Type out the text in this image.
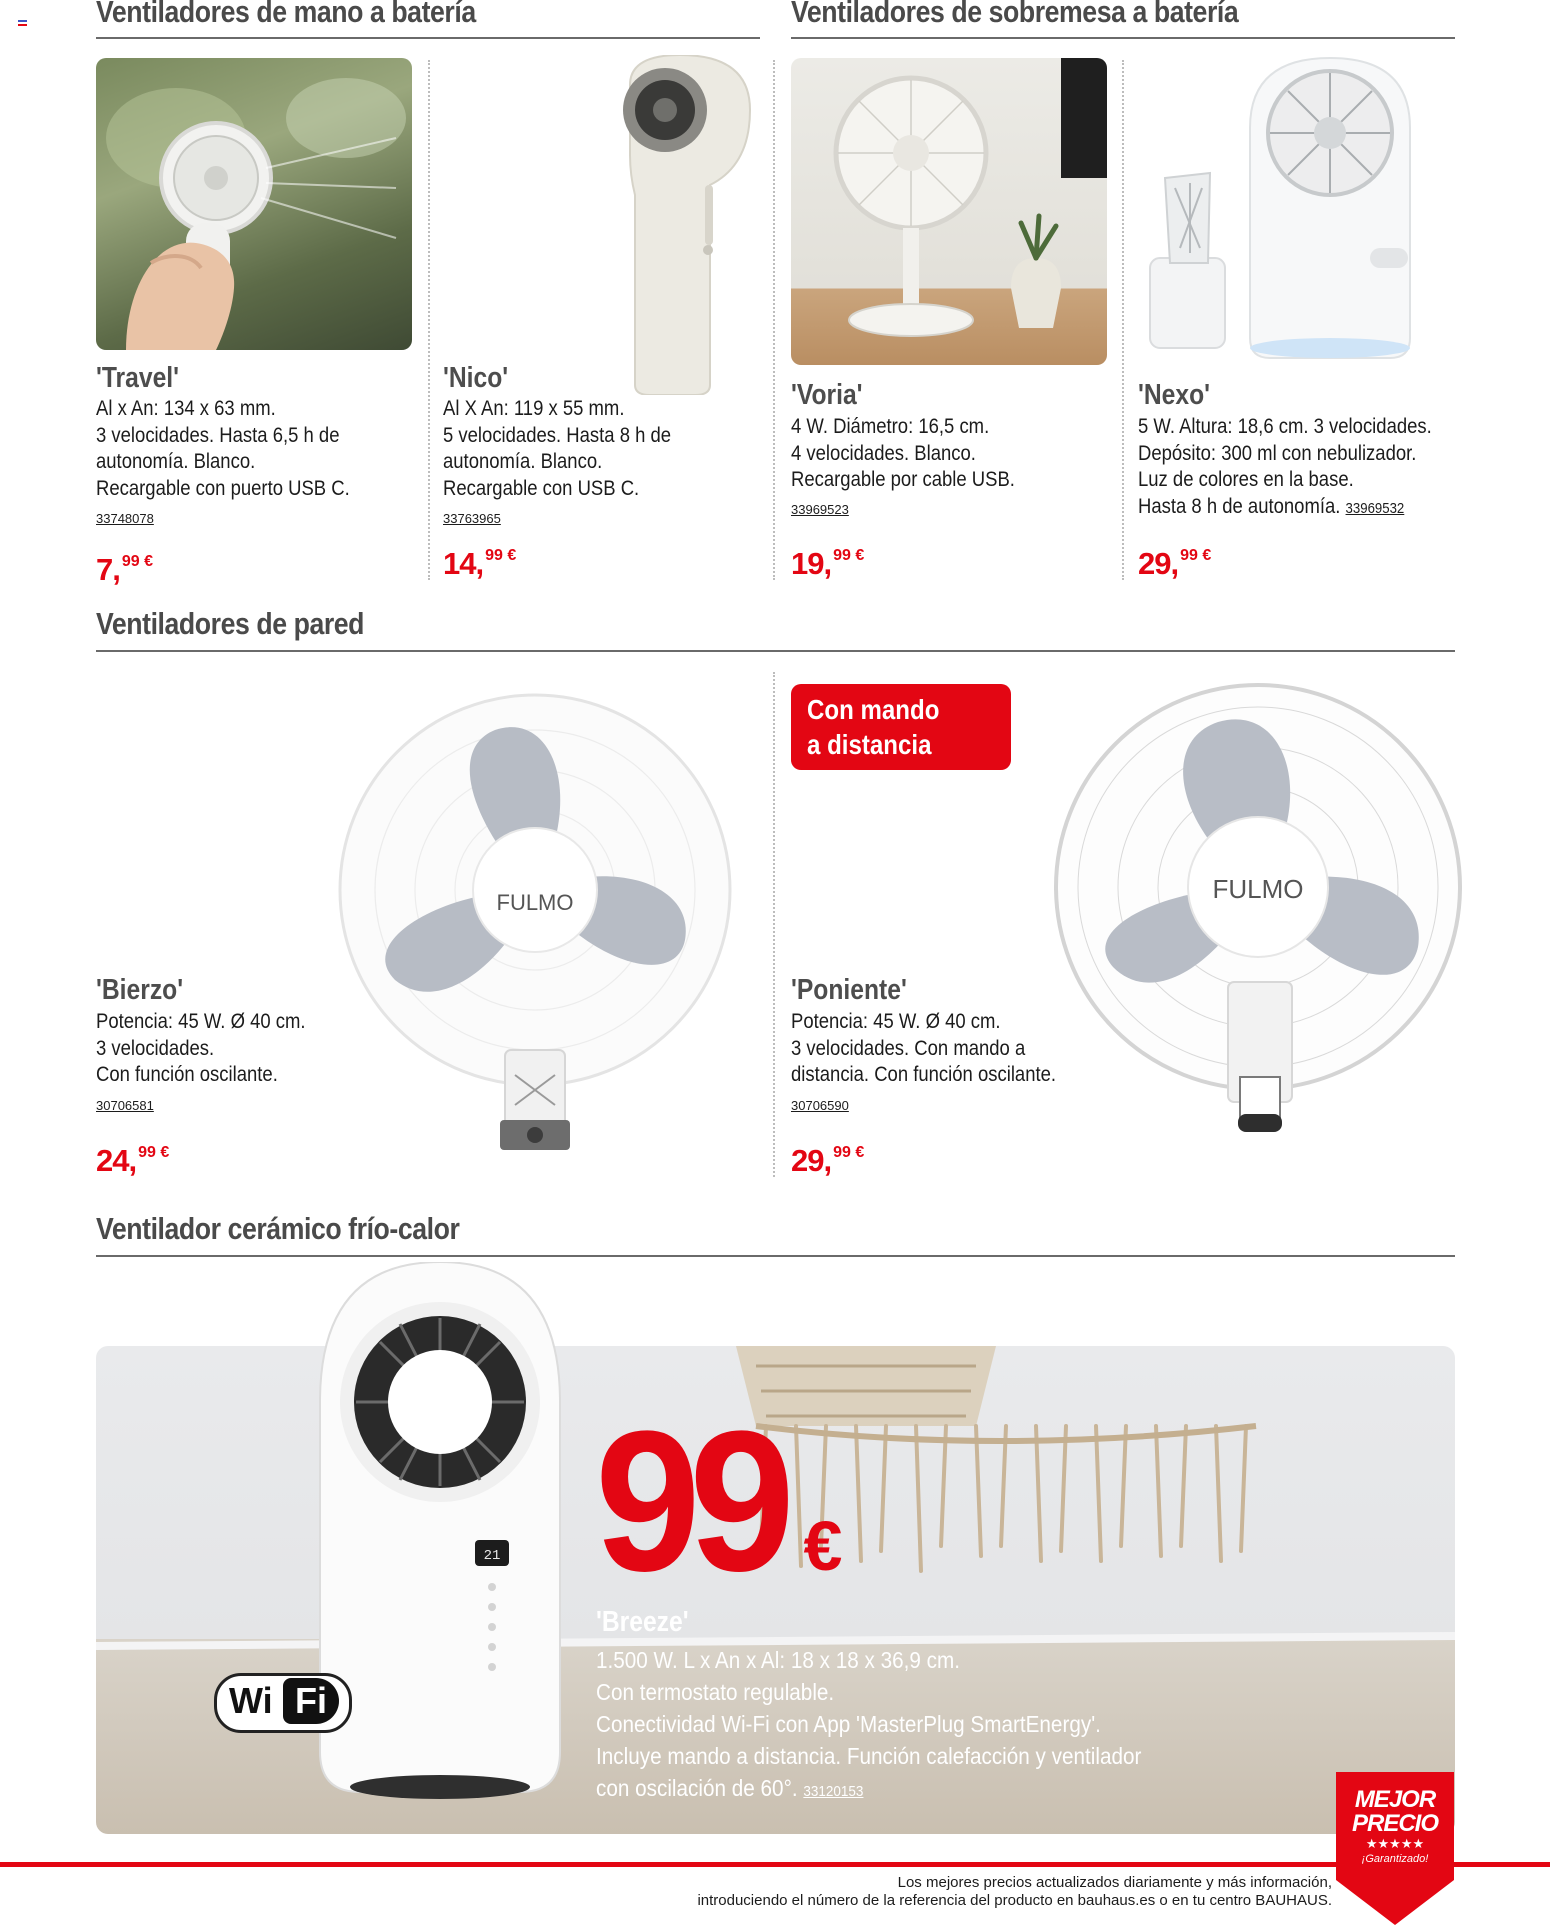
Ventiladores de mano a batería	Ventiladores de sobremesa a batería
'Travel'
Al x An: 134 x 63 mm.
3 velocidades. Hasta 6,5 h de
autonomía. Blanco.
Recargable con puerto USB C.
33748078
7, 99 €
'Nico'
Al X An: 119 x 55 mm.
5 velocidades. Hasta 8 h de
autonomía. Blanco.
Recargable con USB C.
33763965
14, 99 €
'Voria'
4 W. Diámetro: 16,5 cm.
4 velocidades. Blanco.
Recargable por cable USB.
33969523
19, 99 €
'Nexo'
5 W. Altura: 18,6 cm. 3 velocidades.
Depósito: 300 ml con nebulizador.
Luz de colores en la base.
Hasta 8 h de autonomía. 33969532
29, 99 €
Ventiladores de pared
FULMO
Con mando
a distancia
FULMO
'Bierzo'
Potencia: 45 W. Ø 40 cm.
3 velocidades.
Con función oscilante.
30706581
24, 99 €
'Poniente'
Potencia: 45 W. Ø 40 cm.
3 velocidades. Con mando a
distancia. Con función oscilante.
30706590
29, 99 €
Ventilador cerámico frío-calor
21
Wi Fi
99 €
'Breeze'
1.500 W. L x An x Al: 18 x 18 x 36,9 cm.
Con termostato regulable.
Conectividad Wi-Fi con App 'MasterPlug SmartEnergy'.
Incluye mando a distancia. Función calefacción y ventilador
con oscilación de 60°. 33120153
Los mejores precios actualizados diariamente y más información,
introduciendo el número de la referencia del producto en bauhaus.es o en tu centro BAUHAUS.
MEJOR
PRECIO
★★★★★
¡Garantizado!
